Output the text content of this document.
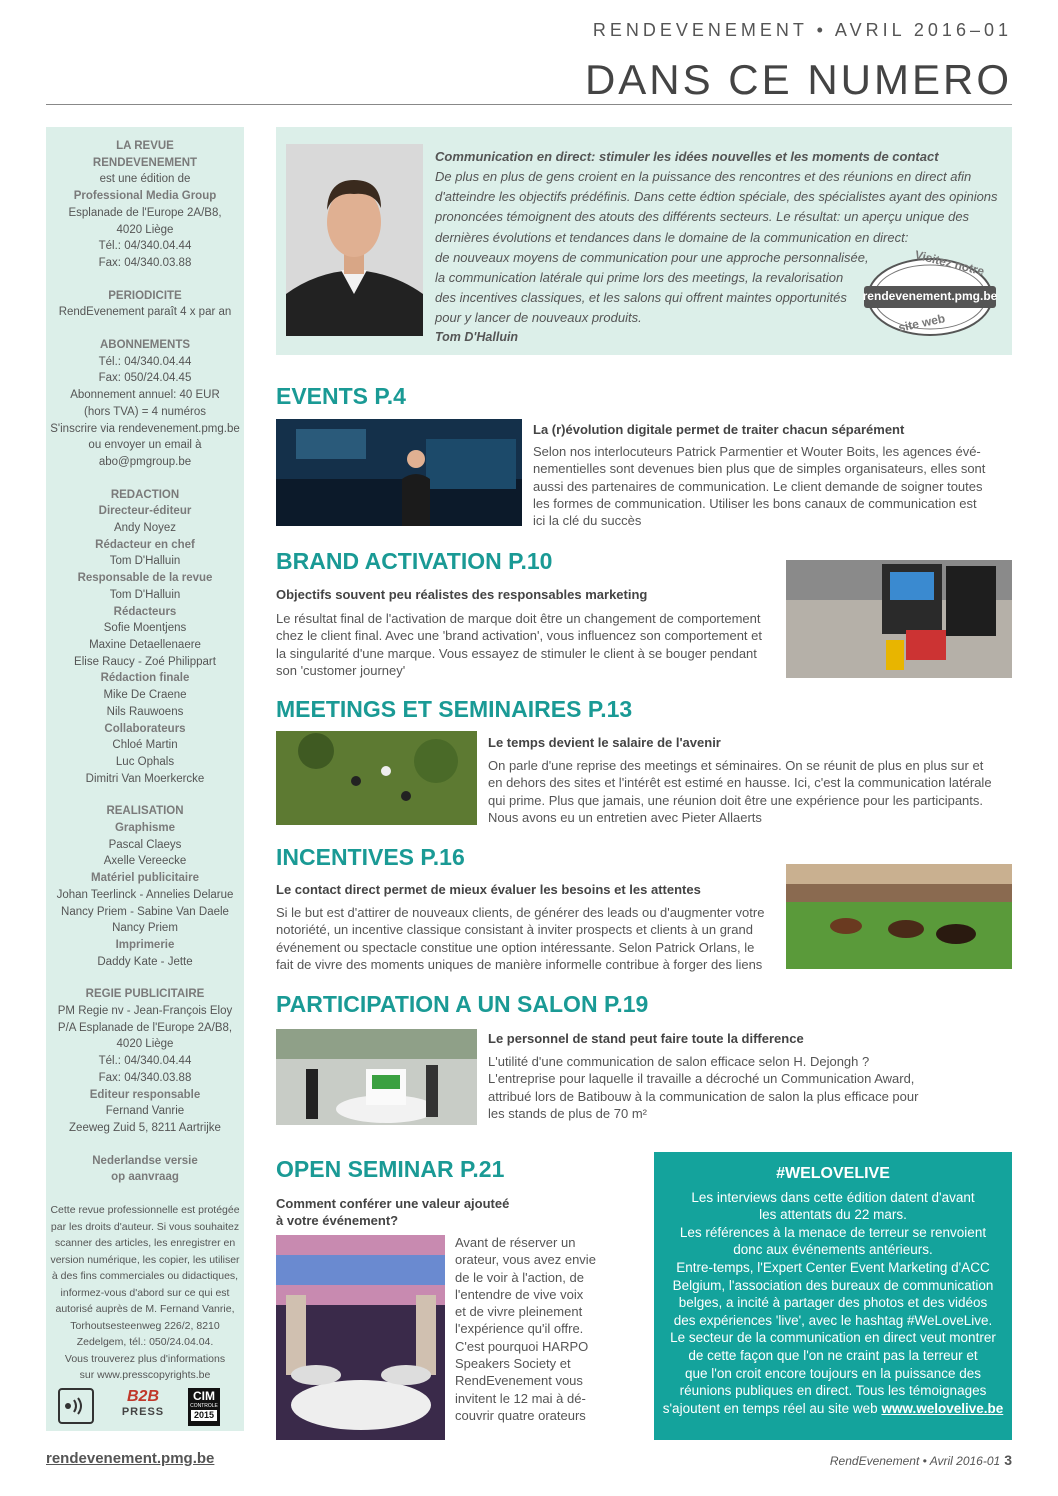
RENDEVENEMENT • AVRIL 2016–01
DANS CE NUMERO
LA REVUE
RENDEVENEMENT
est une édition de
Professional Media Group
Esplanade de l'Europe 2A/B8,
4020 Liège
Tél.: 04/340.04.44
Fax: 04/340.03.88
PERIODICITE
RendEvenement paraît 4 x par an
ABONNEMENTS
Tél.: 04/340.04.44
Fax: 050/24.04.45
Abonnement annuel: 40 EUR
(hors TVA) = 4 numéros
S'inscrire via rendevenement.pmg.be
ou envoyer un email à abo@pmgroup.be
REDACTION
Directeur-éditeur
Andy Noyez
Rédacteur en chef
Tom D'Halluin
Responsable de la revue
Tom D'Halluin
Rédacteurs
Sofie Moentjens
Maxine Detaellenaere
Elise Raucy - Zoé Philippart
Rédaction finale
Mike De Craene
Nils Rauwoens
Collaborateurs
Chloé Martin
Luc Ophals
Dimitri Van Moerkercke
REALISATION
Graphisme
Pascal Claeys
Axelle Vereecke
Matériel publicitaire
Johan Teerlinck - Annelies Delarue
Nancy Priem - Sabine Van Daele
Nancy Priem
Imprimerie
Daddy Kate - Jette
REGIE PUBLICITAIRE
PM Regie nv - Jean-François Eloy
P/A Esplanade de l'Europe 2A/B8,
4020 Liège
Tél.: 04/340.04.44
Fax: 04/340.03.88
Editeur responsable
Fernand Vanrie
Zeeweg Zuid 5, 8211 Aartrijke
Nederlandse versie
op aanvraag
Cette revue professionnelle est protégée
par les droits d'auteur. Si vous souhaitez
scanner des articles, les enregistrer en
version numérique, les copier, les utiliser
à des fins commerciales ou didactiques,
informez-vous d'abord sur ce qui est
autorisé auprès de M. Fernand Vanrie,
Torhoutsesteenweg 226/2, 8210
Zedelgem, tél.: 050/24.04.04.
Vous trouverez plus d'informations
sur www.presscopyrights.be
B2B
PRESS
CIM
CONTROLE
2015
rendevenement.pmg.be	RendEvenement • Avril 2016-01 3
Communication en direct: stimuler les idées nouvelles et les moments de contact
De plus en plus de gens croient en la puissance des rencontres et des réunions en direct afin
d'atteindre les objectifs prédéfinis. Dans cette édtion spéciale, des spécialistes ayant des opinions
prononcées témoignent des atouts des différents secteurs. Le résultat: un aperçu unique des
dernières évolutions et tendances dans le domaine de la communication en direct:
de nouveaux moyens de communication pour une approche personnalisée,
la communication latérale qui prime lors des meetings, la revalorisation
des incentives classiques, et les salons qui offrent maintes opportunités
pour y lancer de nouveaux produits.
Tom D'Halluin
Visitez notre
rendevenement.pmg.be
site web
EVENTS P.4
La (r)évolution digitale permet de traiter chacun séparément
Selon nos interlocuteurs Patrick Parmentier et Wouter Boits, les agences évé-
nementielles sont devenues bien plus que de simples organisateurs, elles sont
aussi des partenaires de communication. Le client demande de soigner toutes
les formes de communication. Utiliser les bons canaux de communication est
ici la clé du succès
BRAND ACTIVATION P.10
Objectifs souvent peu réalistes des responsables marketing
Le résultat final de l'activation de marque doit être un changement de comportement
chez le client final. Avec une 'brand activation', vous influencez son comportement et
la singularité d'une marque. Vous essayez de stimuler le client à se bouger pendant
son 'customer journey'
MEETINGS ET SEMINAIRES P.13
Le temps devient le salaire de l'avenir
On parle d'une reprise des meetings et séminaires. On se réunit de plus en plus sur et
en dehors des sites et l'intérêt est estimé en hausse. Ici, c'est la communication latérale
qui prime. Plus que jamais, une réunion doit être une expérience pour les participants.
Nous avons eu un entretien avec Pieter Allaerts
INCENTIVES P.16
Le contact direct permet de mieux évaluer les besoins et les attentes
Si le but est d'attirer de nouveaux clients, de générer des leads ou d'augmenter votre
notoriété, un incentive classique consistant à inviter prospects et clients à un grand
événement ou spectacle constitue une option intéressante. Selon Patrick Orlans, le
fait de vivre des moments uniques de manière informelle contribue à forger des liens
PARTICIPATION A UN SALON P.19
Le personnel de stand peut faire toute la difference
L'utilité d'une communication de salon efficace selon H. Dejongh ?
L'entreprise pour laquelle il travaille a décroché un Communication Award,
attribué lors de Batibouw à la communication de salon la plus efficace pour
les stands de plus de 70 m²
OPEN SEMINAR P.21
Comment conférer une valeur ajouteé
à votre événement?
Avant de réserver un
orateur, vous avez envie
de le voir à l'action, de
l'entendre de vive voix
et de vivre pleinement
l'expérience qu'il offre.
C'est pourquoi HARPO
Speakers Society et
RendEvenement vous
invitent le 12 mai à dé-
couvrir quatre orateurs
#WELOVELIVE
Les interviews dans cette édition datent d'avant
les attentats du 22 mars.
Les références à la menace de terreur se renvoient
donc aux événements antérieurs.
Entre-temps, l'Expert Center Event Marketing d'ACC
Belgium, l'association des bureaux de communication
belges, a incité à partager des photos et des vidéos
des expériences 'live', avec le hashtag #WeLoveLive.
Le secteur de la communication en direct veut montrer
de cette façon que l'on ne craint pas la terreur et
que l'on croit encore toujours en la puissance des
réunions publiques en direct. Tous les témoignages
s'ajoutent en temps réel au site web www.welovelive.be
